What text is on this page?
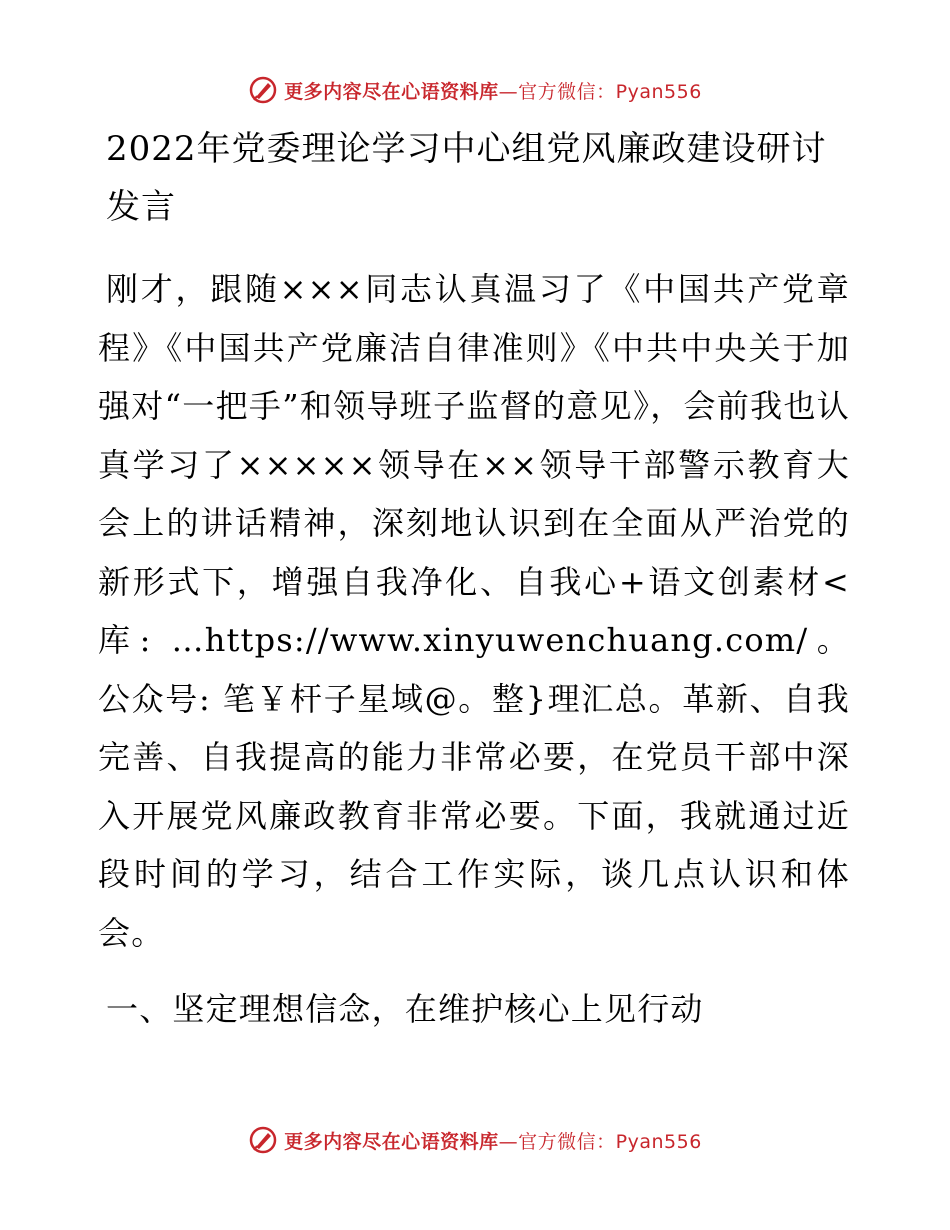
更多内容尽在心语资料库—官方微信：Pyan556
2022年党委理论学习中心组党风廉政建设研讨发言

刚才，跟随×××同志认真温习了《中国共产党章程》《中国共产党廉洁自律准则》《中共中央关于加强对“一把手”和领导班子监督的意见》，会前我也认真学习了×××××领导在××领导干部警示教育大会上的讲话精神，深刻地认识到在全面从严治党的新形式下，增强自我净化、自我心+语文创素材<库: …https://www.xinyuwenchuang.com/。公众号: 笔￥杆子星域@。整}理汇总。革新、自我完善、自我提高的能力非常必要，在党员干部中深入开展党风廉政教育非常必要。下面，我就通过近段时间的学习，结合工作实际，谈几点认识和体会。

一、坚定理想信念，在维护核心上见行动
更多内容尽在心语资料库—官方微信：Pyan556
